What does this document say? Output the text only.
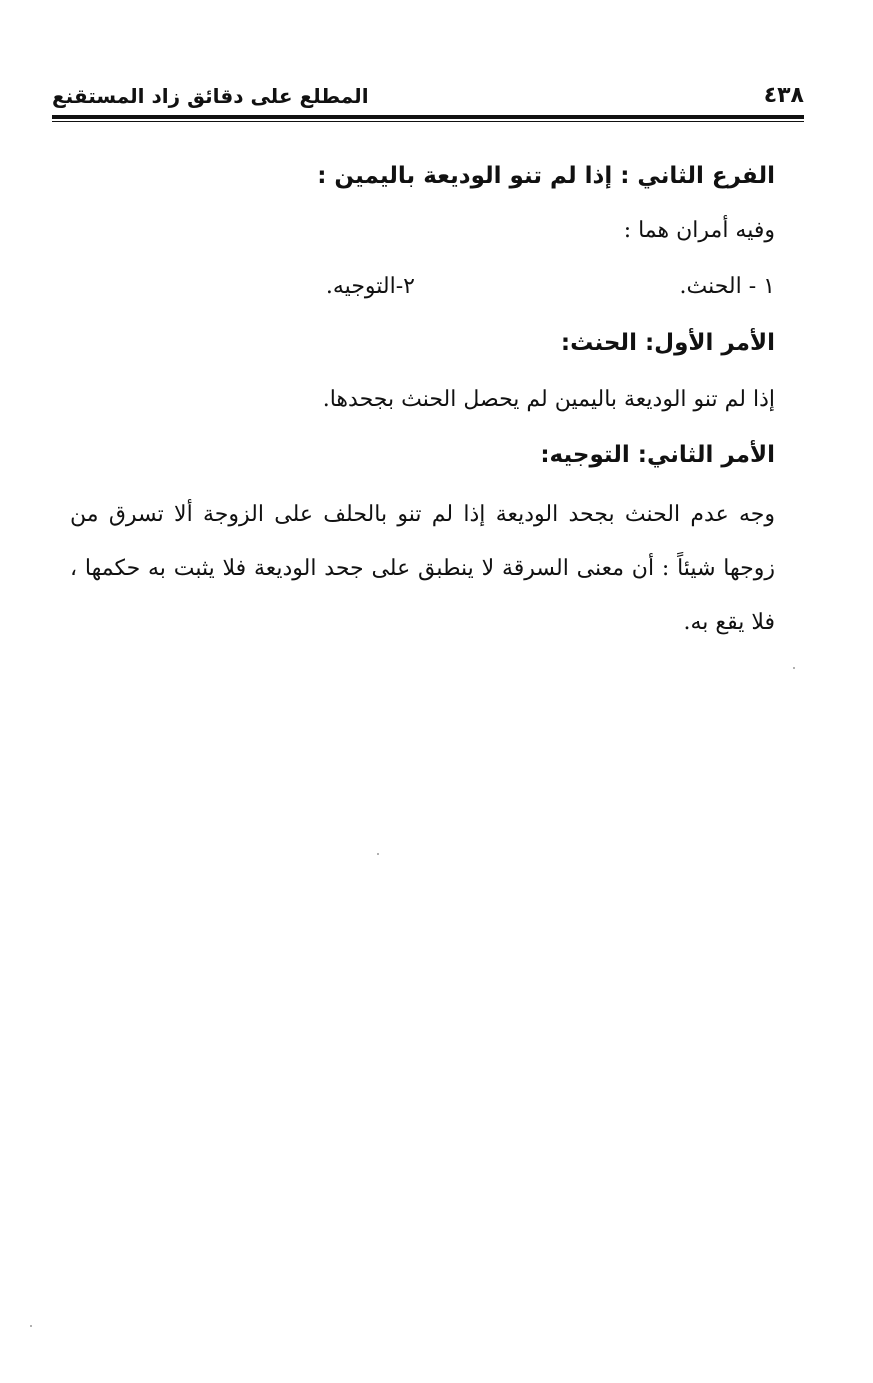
٤٣٨
المطلع على دقائق زاد المستقنع
الفرع الثاني : إذا لم تنو الوديعة باليمين :
وفيه أمران هما :
١ - الحنث.
٢-التوجيه.
الأمر الأول: الحنث:
إذا لم تنو الوديعة باليمين لم يحصل الحنث بجحدها.
الأمر الثاني: التوجيه:
وجه عدم الحنث بجحد الوديعة إذا لم تنو بالحلف على الزوجة ألا تسرق من زوجها شيئاً : أن معنى السرقة لا ينطبق على جحد الوديعة فلا يثبت به حكمها ، فلا يقع به.
